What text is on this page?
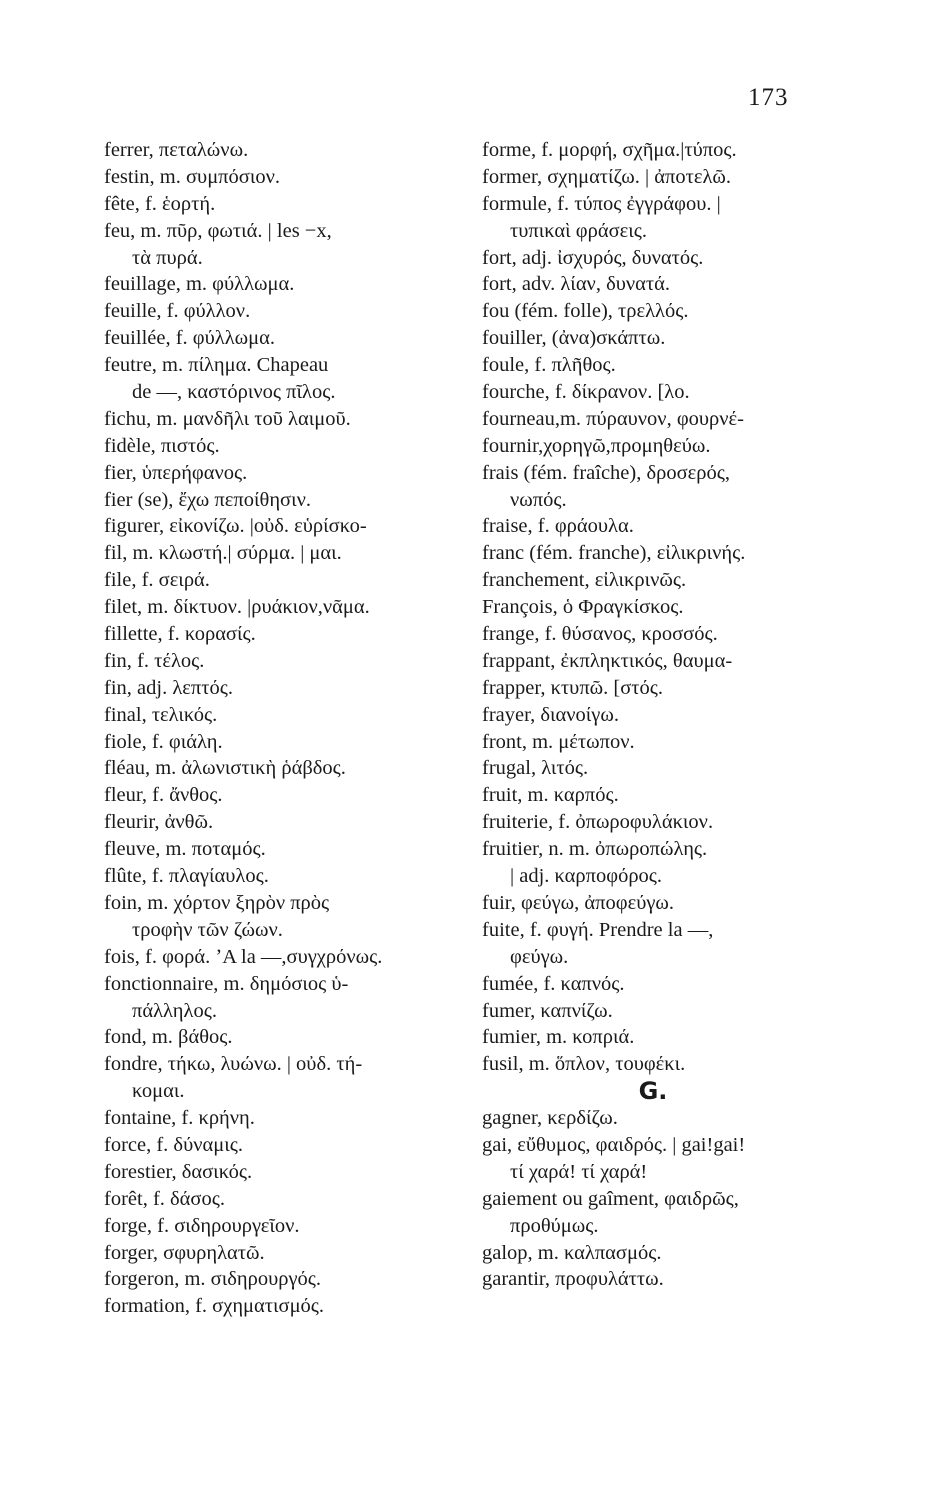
173
ferrer, πεταλώνω.
festin, m. συμπόσιον.
fête, f. ἑορτή.
feu, m. πῦρ, φωτιά. | les −x,
τὰ πυρά.
feuillage, m. φύλλωμα.
feuille, f. φύλλον.
feuillée, f. φύλλωμα.
feutre, m. πίλημα. Chapeau
de —, καστόρινος πῖλος.
fichu, m. μανδῆλι τοῦ λαιμοῦ.
fidèle, πιστός.
fier, ὑπερήφανος.
fier (se), ἔχω πεποίθησιν.
figurer, εἰκονίζω. |οὐδ. εὑρίσκο-
fil, m. κλωστή.| σύρμα. | μαι.
file, f. σειρά.
filet, m. δίκτυον. |ρυάκιον,νᾶμα.
fillette, f. κορασίς.
fin, f. τέλος.
fin, adj. λεπτός.
final, τελικός.
fiole, f. φιάλη.
fléau, m. ἀλωνιστικὴ ῥάβδος.
fleur, f. ἄνθος.
fleurir, ἀνθῶ.
fleuve, m. ποταμός.
flûte, f. πλαγίαυλος.
foin, m. χόρτον ξηρὸν πρὸς
τροφὴν τῶν ζώων.
fois, f. φορά. ʼA la —,συγχρόνως.
fonctionnaire, m. δημόσιος ὑ-
πάλληλος.
fond, m. βάθος.
fondre, τήκω, λυώνω. | οὐδ. τή-
κομαι.
fontaine, f. κρήνη.
force, f. δύναμις.
forestier, δασικός.
forêt, f. δάσος.
forge, f. σιδηρουργεῖον.
forger, σφυρηλατῶ.
forgeron, m. σιδηρουργός.
formation, f. σχηματισμός.
forme, f. μορφή, σχῆμα.|τύπος.
former, σχηματίζω. | ἀποτελῶ.
formule, f. τύπος ἐγγράφου. |
τυπικαὶ φράσεις.
fort, adj. ἰσχυρός, δυνατός.
fort, adv. λίαν, δυνατά.
fou (fém. folle), τρελλός.
fouiller, (ἀνα)σκάπτω.
foule, f. πλῆθος.
fourche, f. δίκρανον. [λο.
fourneau,m. πύραυνον, φουρνέ-
fournir,χορηγῶ,προμηθεύω.
frais (fém. fraîche), δροσερός,
νωπός.
fraise, f. φράουλα.
franc (fém. franche), εἰλικρινής.
franchement, εἰλικρινῶς.
François, ὁ Φραγκίσκος.
frange, f. θύσανος, κροσσός.
frappant, ἐκπληκτικός, θαυμα-
frapper, κτυπῶ. [στός.
frayer, διανοίγω.
front, m. μέτωπον.
frugal, λιτός.
fruit, m. καρπός.
fruiterie, f. ὀπωροφυλάκιον.
fruitier, n. m. ὀπωροπώλης.
| adj. καρποφόρος.
fuir, φεύγω, ἀποφεύγω.
fuite, f. φυγή. Prendre la —,
φεύγω.
fumée, f. καπνός.
fumer, καπνίζω.
fumier, m. κοπριά.
fusil, m. ὅπλον, τουφέκι.
G.
gagner, κερδίζω.
gai, εὔθυμος, φαιδρός. | gai!gai!
τί χαρά! τί χαρά!
gaiement ou gaîment, φαιδρῶς,
προθύμως.
galop, m. καλπασμός.
garantir, προφυλάττω.
